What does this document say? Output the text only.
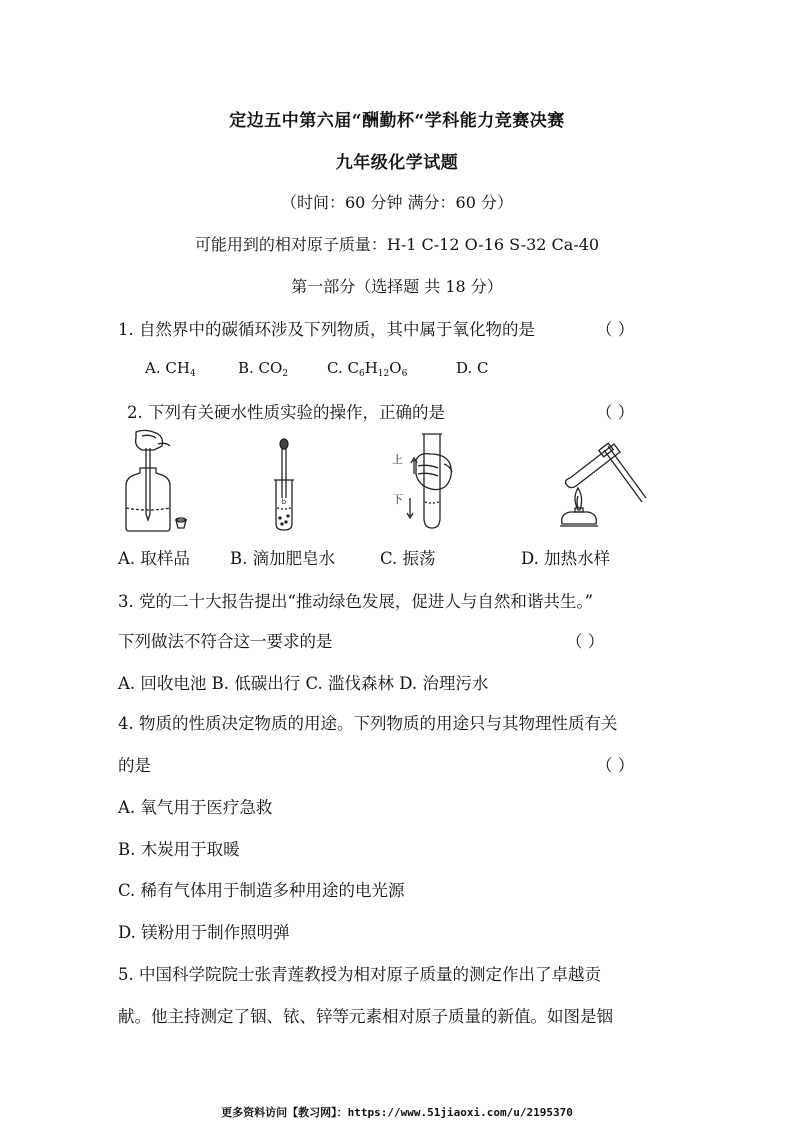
定边五中第六届“酬勤杯“学科能力竞赛决赛
九年级化学试题
（时间：60 分钟 满分：60 分）
可能用到的相对原子质量：H-1 C-12 O-16 S-32 Ca-40
第一部分（选择题 共 18 分）
1. 自然界中的碳循环涉及下列物质，其中属于氧化物的是	（ ）
A. $CH_4$	B. $CO_2$	C. $C_6H_{12}O_6$	D. C
2. 下列有关硬水性质实验的操作，正确的是	（ ）
b
上
下
A. 取样品 B. 滴加肥皂水	C. 振荡	D. 加热水样
3. 党的二十大报告提出“推动绿色发展，促进人与自然和谐共生。”
下列做法不符合这一要求的是	（ ）
A. 回收电池 B. 低碳出行 C. 滥伐森林 D. 治理污水
4. 物质的性质决定物质的用途。下列物质的用途只与其物理性质有关
的是	（ ）
A. 氧气用于医疗急救
B. 木炭用于取暖
C. 稀有气体用于制造多种用途的电光源
D. 镁粉用于制作照明弹
5. 中国科学院院士张青莲教授为相对原子质量的测定作出了卓越贡
献。他主持测定了铟、铱、锌等元素相对原子质量的新值。如图是铟
更多资料访问【教习网】：https://www.51jiaoxi.com/u/2195370
